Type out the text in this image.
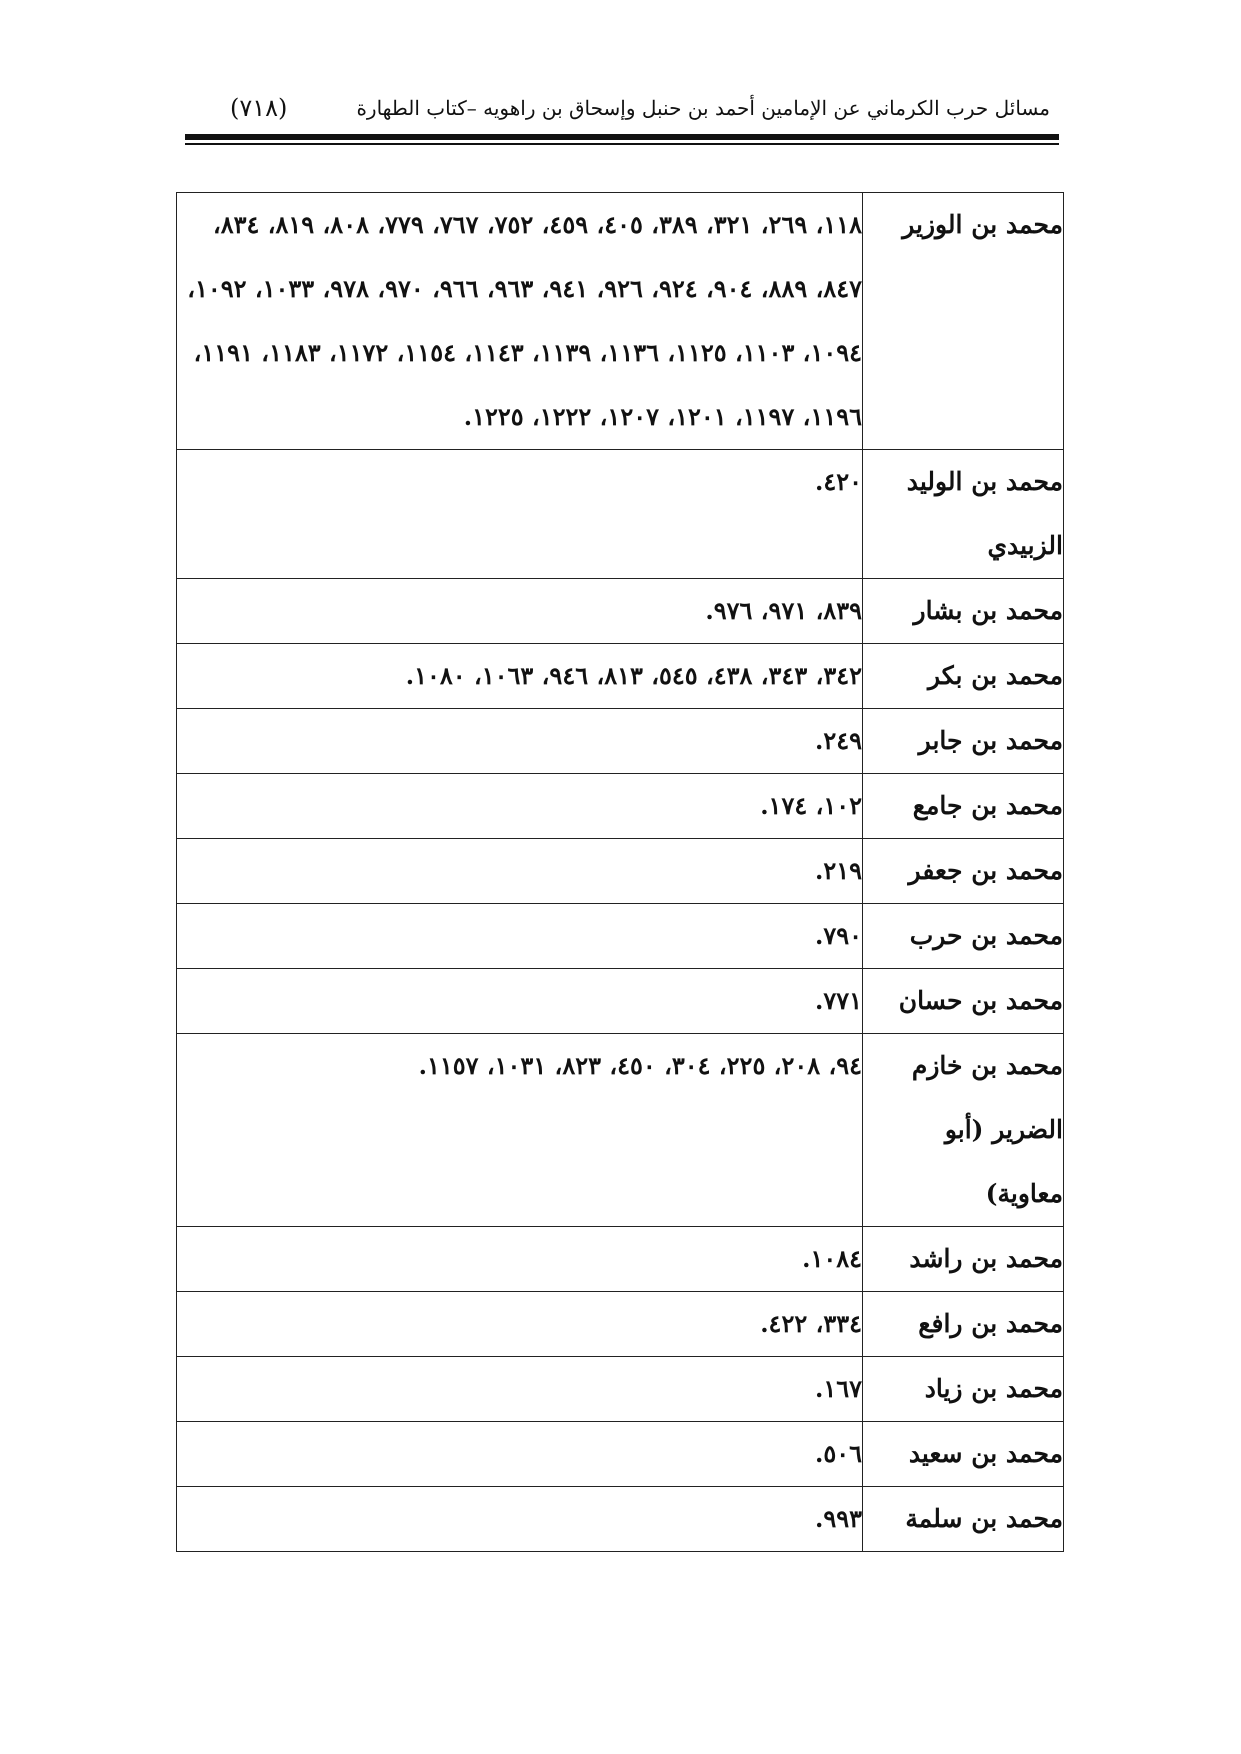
مسائل حرب الكرماني عن الإمامين أحمد بن حنبل وإسحاق بن راهويه –كتاب الطهارة
(٧١٨)
محمد بن الوزير	١١٨، ٢٦٩، ٣٢١، ٣٨٩، ٤٠٥، ٤٥٩، ٧٥٢، ٧٦٧، ٧٧٩، ٨٠٨، ٨١٩، ٨٣٤، ٨٤٧، ٨٨٩، ٩٠٤، ٩٢٤، ٩٢٦، ٩٤١، ٩٦٣، ٩٦٦، ٩٧٠، ٩٧٨، ١٠٣٣، ١٠٩٢، ١٠٩٤، ١١٠٣، ١١٢٥، ١١٣٦، ١١٣٩، ١١٤٣، ١١٥٤، ١١٧٢، ١١٨٣، ١١٩١، ١١٩٦، ١١٩٧، ١٢٠١، ١٢٠٧، ١٢٢٢، ١٢٢٥.

محمد بن الوليد الزبيدي	٤٢٠.

محمد بن بشار	٨٣٩، ٩٧١، ٩٧٦.

محمد بن بكر	٣٤٢، ٣٤٣، ٤٣٨، ٥٤٥، ٨١٣، ٩٤٦، ١٠٦٣، ١٠٨٠.

محمد بن جابر	٢٤٩.

محمد بن جامع	١٠٢، ١٧٤.

محمد بن جعفر	٢١٩.

محمد بن حرب	٧٩٠.

محمد بن حسان	٧٧١.

محمد بن خازم الضرير (أبو معاوية)	٩٤، ٢٠٨، ٢٢٥، ٣٠٤، ٤٥٠، ٨٢٣، ١٠٣١، ١١٥٧.

محمد بن راشد	١٠٨٤.

محمد بن رافع	٣٣٤، ٤٢٢.

محمد بن زياد	١٦٧.

محمد بن سعيد	٥٠٦.

محمد بن سلمة	٩٩٣.
